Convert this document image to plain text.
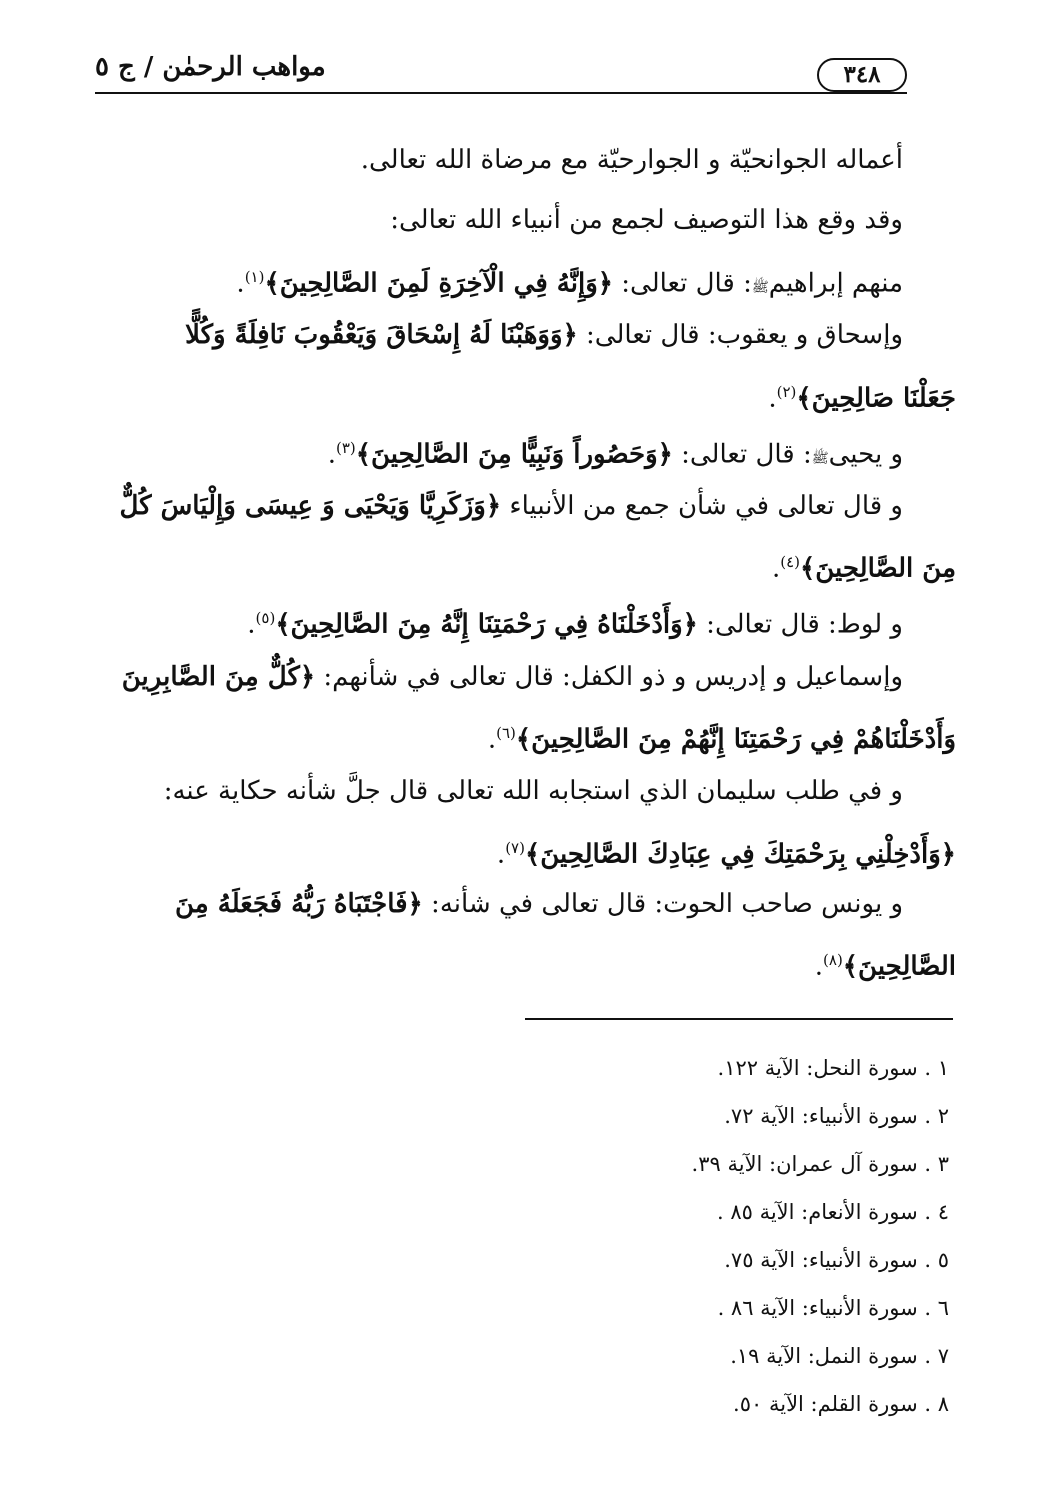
مواهب الرحمٰن / ج ٥	٣٤٨
أعماله الجوانحيّة و الجوارحيّة مع مرضاة الله تعالى.
وقد وقع هذا التوصيف لجمع من أنبياء الله تعالى:
منهم إبراهيمﷺ: قال تعالى: ﴿وَإِنَّهُ فِي الْآخِرَةِ لَمِنَ الصَّالِحِينَ﴾$^{(١)}$.
وإسحاق و يعقوب: قال تعالى: ﴿وَوَهَبْنَا لَهُ إِسْحَاقَ وَيَعْقُوبَ نَافِلَةً وَكُلًّا
جَعَلْنَا صَالِحِينَ﴾$^{(٢)}$.
و يحيىﷺ: قال تعالى: ﴿وَحَصُوراً وَنَبِيًّا مِنَ الصَّالِحِينَ﴾$^{(٣)}$.
و قال تعالى في شأن جمع من الأنبياء ﴿وَزَكَرِيَّا وَيَحْيَى وَ عِيسَى وَإِلْيَاسَ كُلٌّ
مِنَ الصَّالِحِينَ﴾$^{(٤)}$.
و لوط: قال تعالى: ﴿وَأَدْخَلْنَاهُ فِي رَحْمَتِنَا إِنَّهُ مِنَ الصَّالِحِينَ﴾$^{(٥)}$.
وإسماعيل و إدريس و ذو الكفل: قال تعالى في شأنهم: ﴿كُلٌّ مِنَ الصَّابِرِينَ
وَأَدْخَلْنَاهُمْ فِي رَحْمَتِنَا إِنَّهُمْ مِنَ الصَّالِحِينَ﴾$^{(٦)}$.
و في طلب سليمان الذي استجابه الله تعالى قال جلَّ شأنه حكاية عنه:
﴿وَأَدْخِلْنِي بِرَحْمَتِكَ فِي عِبَادِكَ الصَّالِحِينَ﴾$^{(٧)}$.
و يونس صاحب الحوت: قال تعالى في شأنه: ﴿فَاجْتَبَاهُ رَبُّهُ فَجَعَلَهُ مِنَ
الصَّالِحِينَ﴾$^{(٨)}$.
١ . سورة النحل: الآية ١٢٢.
٢ . سورة الأنبياء: الآية ٧٢.
٣ . سورة آل عمران: الآية ٣٩.
٤ . سورة الأنعام: الآية ٨٥ .
٥ . سورة الأنبياء: الآية ٧٥.
٦ . سورة الأنبياء: الآية ٨٦ .
٧ . سورة النمل: الآية ١٩.
٨ . سورة القلم: الآية ٥٠.
